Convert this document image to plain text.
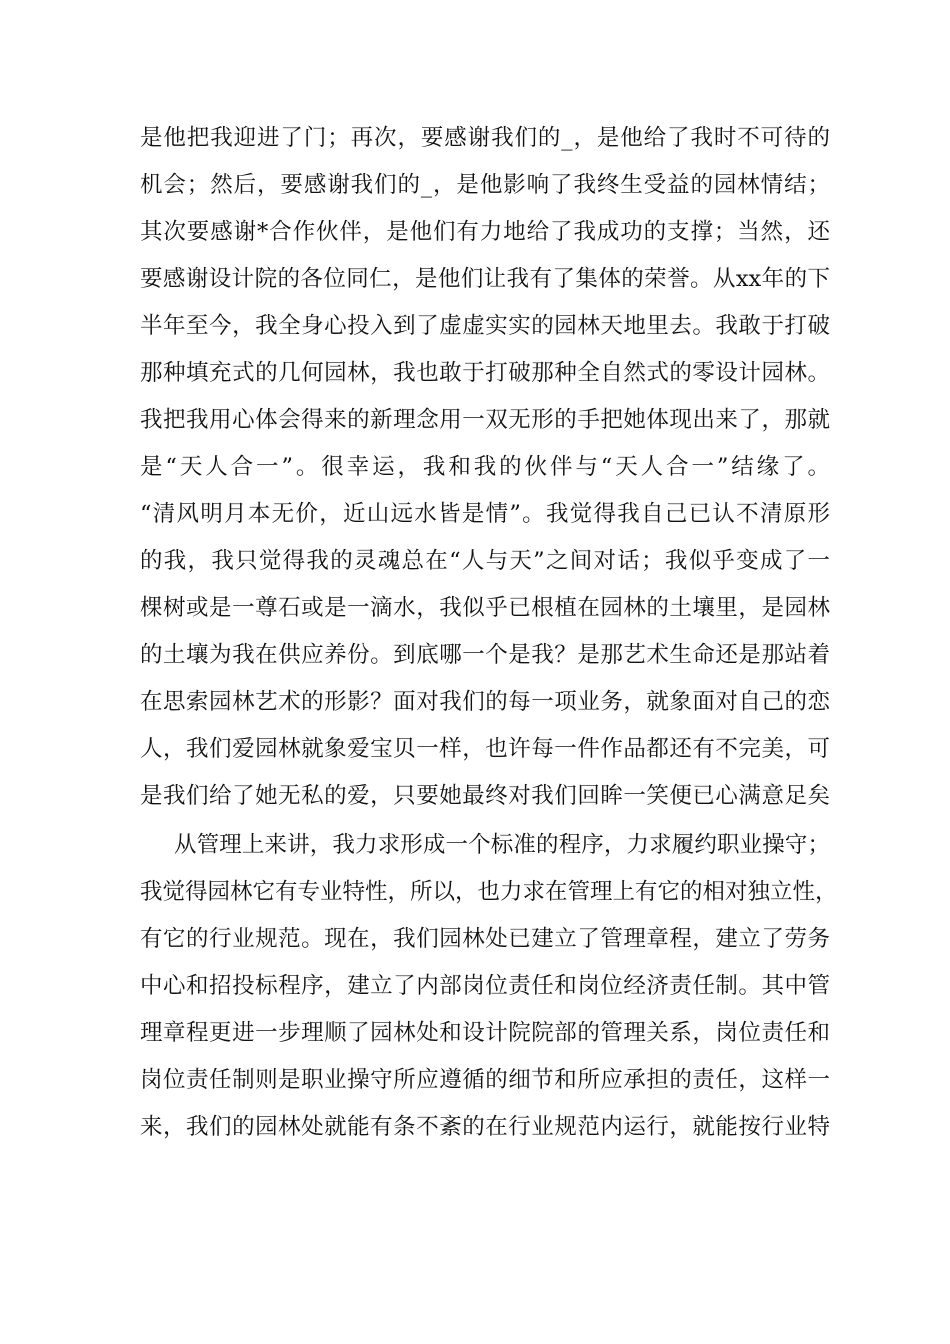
是他把我迎进了门；再次，要感谢我们的_，是他给了我时不可待的
机会；然后，要感谢我们的_，是他影响了我终生受益的园林情结；
其次要感谢*合作伙伴，是他们有力地给了我成功的支撑；当然，还
要感谢设计院的各位同仁，是他们让我有了集体的荣誉。从xx年的下
半年至今，我全身心投入到了虚虚实实的园林天地里去。我敢于打破
那种填充式的几何园林，我也敢于打破那种全自然式的零设计园林。
我把我用心体会得来的新理念用一双无形的手把她体现出来了，那就
是“天人合一”。很幸运，我和我的伙伴与“天人合一”结缘了。
“清风明月本无价，近山远水皆是情”。我觉得我自己已认不清原形
的我，我只觉得我的灵魂总在“人与天”之间对话；我似乎变成了一
棵树或是一尊石或是一滴水，我似乎已根植在园林的土壤里，是园林
的土壤为我在供应养份。到底哪一个是我？是那艺术生命还是那站着
在思索园林艺术的形影？面对我们的每一项业务，就象面对自己的恋
人，我们爱园林就象爱宝贝一样，也许每一件作品都还有不完美，可
是我们给了她无私的爱，只要她最终对我们回眸一笑便已心满意足矣
从管理上来讲，我力求形成一个标准的程序，力求履约职业操守；
我觉得园林它有专业特性，所以，也力求在管理上有它的相对独立性，
有它的行业规范。现在，我们园林处已建立了管理章程，建立了劳务
中心和招投标程序，建立了内部岗位责任和岗位经济责任制。其中管
理章程更进一步理顺了园林处和设计院院部的管理关系，岗位责任和
岗位责任制则是职业操守所应遵循的细节和所应承担的责任，这样一
来，我们的园林处就能有条不紊的在行业规范内运行，就能按行业特
